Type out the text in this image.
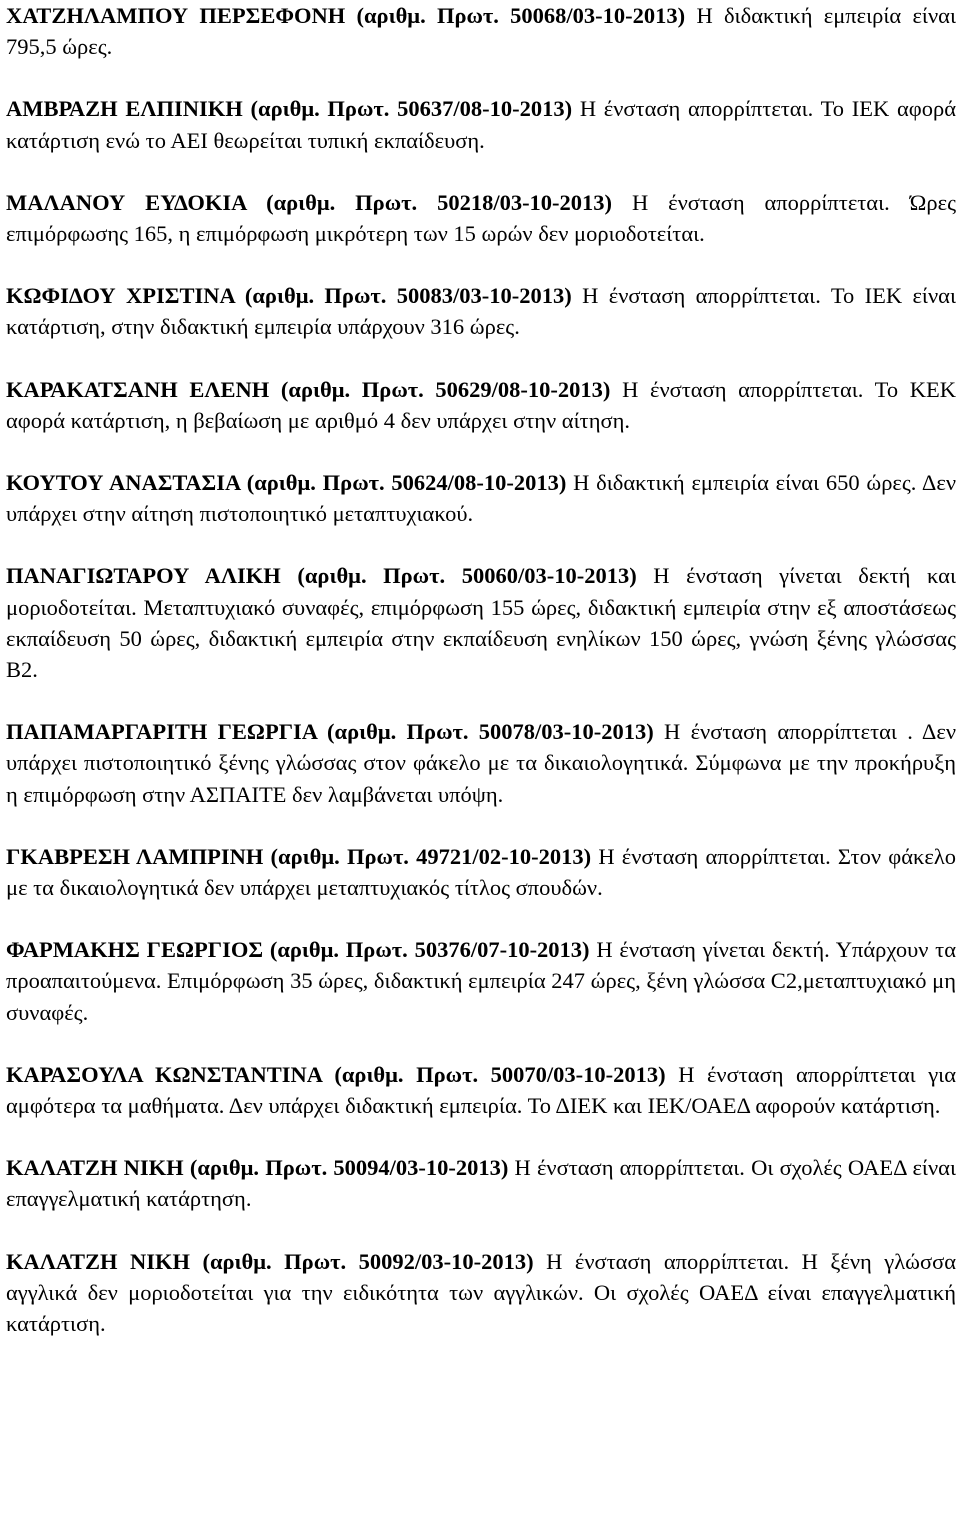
ΧΑΤΖΗΛΑΜΠΟΥ ΠΕΡΣΕΦΟΝΗ (αριθμ. Πρωτ. 50068/03-10-2013) Η διδακτική εμπειρία είναι 795,5 ώρες.

ΑΜΒΡΑΖΗ ΕΛΠΙΝΙΚΗ (αριθμ. Πρωτ. 50637/08-10-2013) Η ένσταση απορρίπτεται. Το ΙΕΚ αφορά κατάρτιση ενώ το ΑΕΙ θεωρείται τυπική εκπαίδευση.

ΜΑΛΑΝΟΥ ΕΥΔΟΚΙΑ (αριθμ. Πρωτ. 50218/03-10-2013) Η ένσταση απορρίπτεται. Ώρες επιμόρφωσης 165, η επιμόρφωση μικρότερη των 15 ωρών δεν μοριοδοτείται.

ΚΩΦΙΔΟΥ ΧΡΙΣΤΙΝΑ (αριθμ. Πρωτ. 50083/03-10-2013) Η ένσταση απορρίπτεται. Το ΙΕΚ είναι κατάρτιση, στην διδακτική εμπειρία υπάρχουν 316 ώρες.

ΚΑΡΑΚΑΤΣΑΝΗ ΕΛΕΝΗ (αριθμ. Πρωτ. 50629/08-10-2013) Η ένσταση απορρίπτεται. Το ΚΕΚ αφορά κατάρτιση, η βεβαίωση με αριθμό 4 δεν υπάρχει στην αίτηση.

ΚΟΥΤΟΥ ΑΝΑΣΤΑΣΙΑ (αριθμ. Πρωτ. 50624/08-10-2013) Η διδακτική εμπειρία είναι 650 ώρες. Δεν υπάρχει στην αίτηση πιστοποιητικό μεταπτυχιακού.

ΠΑΝΑΓΙΩΤΑΡΟΥ ΑΛΙΚΗ (αριθμ. Πρωτ. 50060/03-10-2013) Η ένσταση γίνεται δεκτή και μοριοδοτείται. Μεταπτυχιακό συναφές, επιμόρφωση 155 ώρες, διδακτική εμπειρία στην εξ αποστάσεως εκπαίδευση 50 ώρες, διδακτική εμπειρία στην εκπαίδευση ενηλίκων 150 ώρες, γνώση ξένης γλώσσας Β2.

ΠΑΠΑΜΑΡΓΑΡΙΤΗ ΓΕΩΡΓΙΑ (αριθμ. Πρωτ. 50078/03-10-2013) Η ένσταση απορρίπτεται . Δεν υπάρχει πιστοποιητικό ξένης γλώσσας στον φάκελο με τα δικαιολογητικά. Σύμφωνα με την προκήρυξη η επιμόρφωση στην ΑΣΠΑΙΤΕ δεν λαμβάνεται υπόψη.

ΓΚΑΒΡΕΣΗ ΛΑΜΠΡΙΝΗ (αριθμ. Πρωτ. 49721/02-10-2013) Η ένσταση απορρίπτεται. Στον φάκελο με τα δικαιολογητικά δεν υπάρχει μεταπτυχιακός τίτλος σπουδών.

ΦΑΡΜΑΚΗΣ ΓΕΩΡΓΙΟΣ (αριθμ. Πρωτ. 50376/07-10-2013) Η ένσταση γίνεται δεκτή. Υπάρχουν τα προαπαιτούμενα. Επιμόρφωση 35 ώρες, διδακτική εμπειρία 247 ώρες, ξένη γλώσσα C2,μεταπτυχιακό μη συναφές.

ΚΑΡΑΣΟΥΛΑ ΚΩΝΣΤΑΝΤΙΝΑ (αριθμ. Πρωτ. 50070/03-10-2013) Η ένσταση απορρίπτεται για αμφότερα τα μαθήματα. Δεν υπάρχει διδακτική εμπειρία. Το ΔΙΕΚ και ΙΕΚ/ΟΑΕΔ αφορούν κατάρτιση.

ΚΑΛΑΤΖΗ ΝΙΚΗ (αριθμ. Πρωτ. 50094/03-10-2013) Η ένσταση απορρίπτεται. Οι σχολές ΟΑΕΔ είναι επαγγελματική κατάρτηση.

ΚΑΛΑΤΖΗ ΝΙΚΗ (αριθμ. Πρωτ. 50092/03-10-2013) Η ένσταση απορρίπτεται. Η ξένη γλώσσα αγγλικά δεν μοριοδοτείται για την ειδικότητα των αγγλικών. Οι σχολές ΟΑΕΔ είναι επαγγελματική κατάρτιση.
